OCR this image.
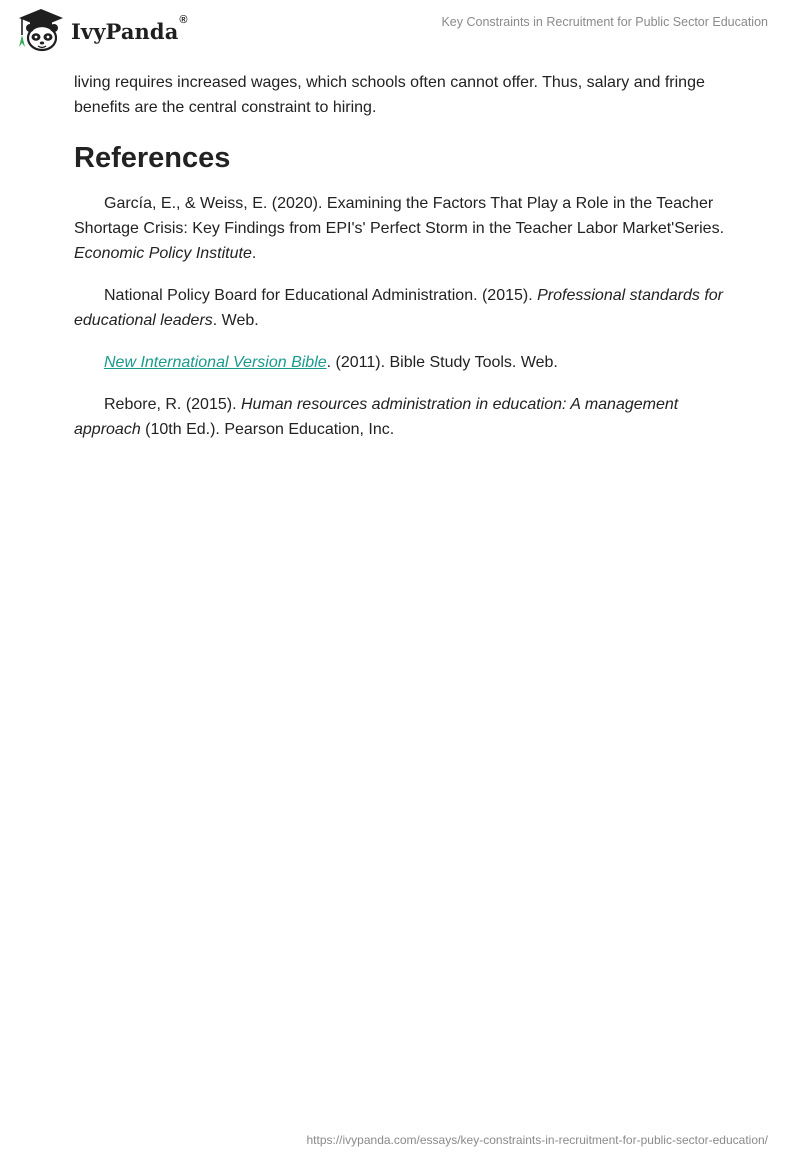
IvyPanda ®	Key Constraints in Recruitment for Public Sector Education

living requires increased wages, which schools often cannot offer. Thus, salary and fringe benefits are the central constraint to hiring.

References

García, E., & Weiss, E. (2020). Examining the Factors That Play a Role in the Teacher Shortage Crisis: Key Findings from EPI's' Perfect Storm in the Teacher Labor Market'Series. Economic Policy Institute.

National Policy Board for Educational Administration. (2015). Professional standards for educational leaders. Web.

New International Version Bible. (2011). Bible Study Tools. Web.

Rebore, R. (2015). Human resources administration in education: A management approach (10th Ed.). Pearson Education, Inc.

https://ivypanda.com/essays/key-constraints-in-recruitment-for-public-sector-education/
